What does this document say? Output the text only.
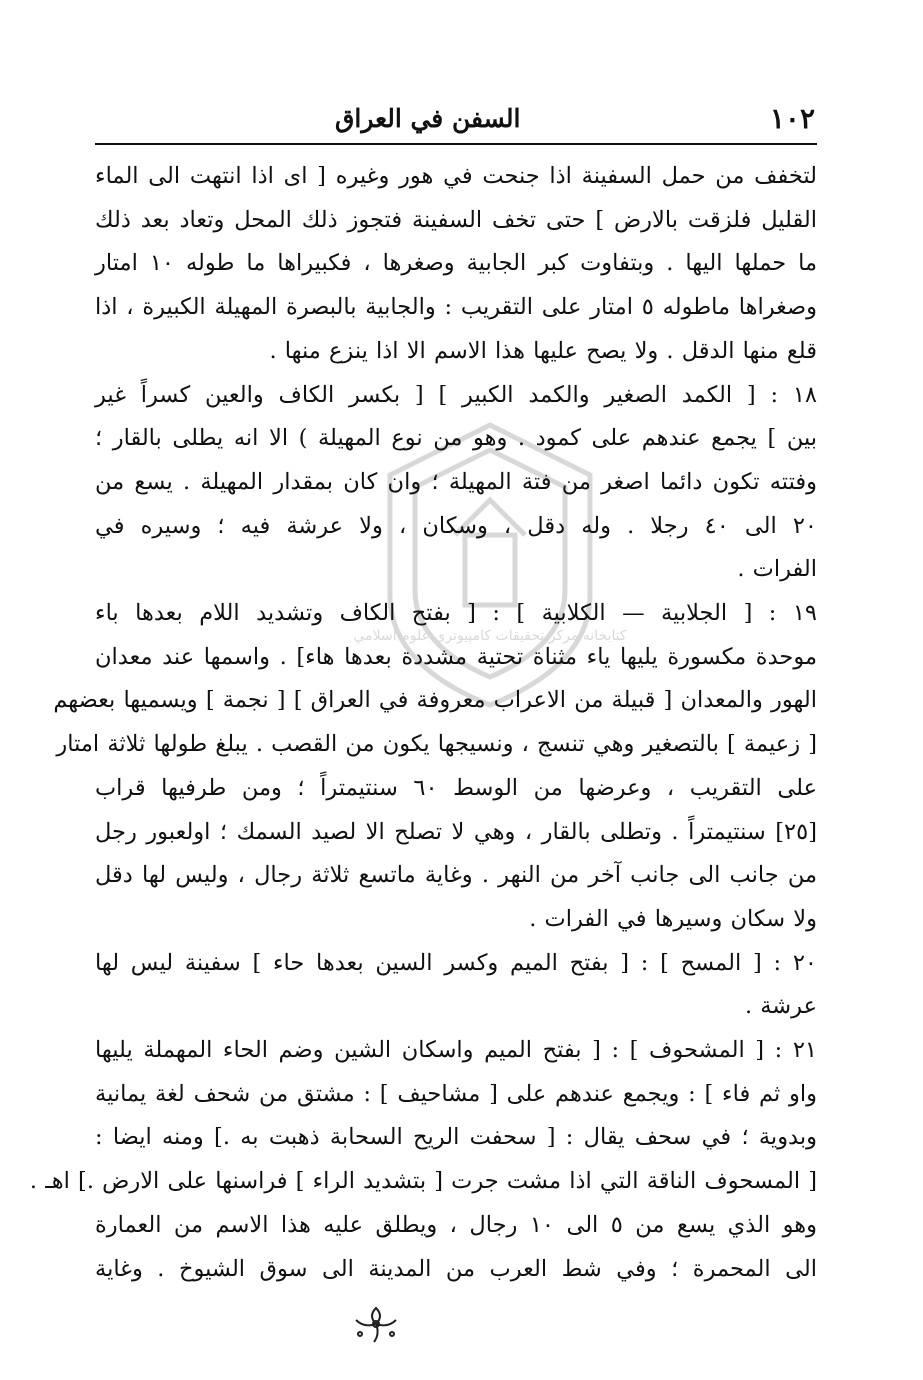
١٠٢
السفن في العراق
كتابخانه مركز تحقيقات كامپيوتري علوم اسلامي
لتخفف من حمل السفينة اذا جنحت في هور وغيره [ اى اذا انتهت الى الماء
القليل فلزقت بالارض ] حتى تخف السفينة فتجوز ذلك المحل وتعاد بعد ذلك
ما حملها اليها . وبتفاوت كبر الجابية وصغرها ، فكبيراها ما طوله ١٠ امتار
وصغراها ماطوله ٥ امتار على التقريب : والجابية بالبصرة المهيلة الكبيرة ، اذا
قلع منها الدقل . ولا يصح عليها هذا الاسم الا اذا ينزع منها .
١٨ : [ الكمد الصغير والكمد الكبير ] [ بكسر الكاف والعين كسراً غير
بين ] يجمع عندهم على كمود . وهو من نوع المهيلة ) الا انه يطلى بالقار ؛
وفتته تكون دائما اصغر من فتة المهيلة ؛ وان كان بمقدار المهيلة . يسع من
٢٠ الى ٤٠ رجلا . وله دقل ، وسكان ، ولا عرشة فيه ؛ وسيره في
الفرات .
١٩ : [ الجلابية — الكلابية ] : [ بفتح الكاف وتشديد اللام بعدها باء
موحدة مكسورة يليها ياء مثناة تحتية مشددة بعدها هاء] . واسمها عند معدان
الهور والمعدان [ قبيلة من الاعراب معروفة في العراق ] [ نجمة ] ويسميها بعضهم
[ زعيمة ] بالتصغير وهي تنسج ، ونسيجها يكون من القصب . يبلغ طولها ثلاثة امتار
على التقريب ، وعرضها من الوسط ٦٠ سنتيمتراً ؛ ومن طرفيها قراب
[٢٥] سنتيمتراً . وتطلى بالقار ، وهي لا تصلح الا لصيد السمك ؛ اولعبور رجل
من جانب الى جانب آخر من النهر . وغاية ماتسع ثلاثة رجال ، وليس لها دقل
ولا سكان وسيرها في الفرات .
٢٠ : [ المسح ] : [ بفتح الميم وكسر السين بعدها حاء ] سفينة ليس لها
عرشة .
٢١ : [ المشحوف ] : [ بفتح الميم واسكان الشين وضم الحاء المهملة يليها
واو ثم فاء ] : ويجمع عندهم على [ مشاحيف ] : مشتق من شحف لغة يمانية
وبدوية ؛ في سحف يقال : [ سحفت الريح السحابة ذهبت به .] ومنه ايضا :
[ المسحوف الناقة التي اذا مشت جرت [ بتشديد الراء ] فراسنها على الارض .] اهـ .
وهو الذي يسع من ٥ الى ١٠ رجال ، ويطلق عليه هذا الاسم من العمارة
الى المحمرة ؛ وفي شط العرب من المدينة الى سوق الشيوخ . وغاية
